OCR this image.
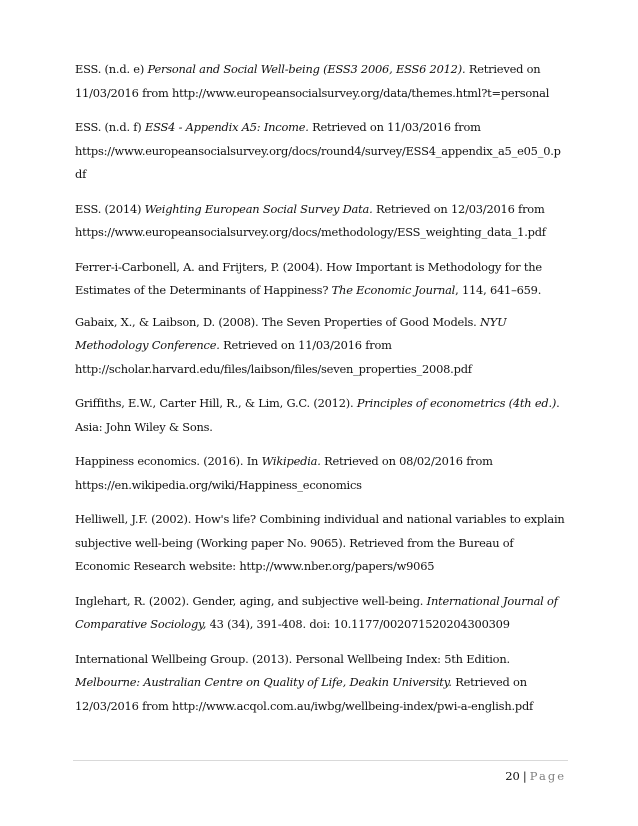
ESS. (n.d. e) Personal and Social Well-being (ESS3 2006, ESS6 2012). Retrieved on 11/03/2016 from http://www.europeansocialsurvey.org/data/themes.html?t=personal

ESS. (n.d. f) ESS4 - Appendix A5: Income. Retrieved on 11/03/2016 from https://www.europeansocialsurvey.org/docs/round4/survey/ESS4_appendix_a5_e05_0.pdf

ESS. (2014) Weighting European Social Survey Data. Retrieved on 12/03/2016 from https://www.europeansocialsurvey.org/docs/methodology/ESS_weighting_data_1.pdf

Ferrer-i-Carbonell, A. and Frijters, P. (2004). How Important is Methodology for the Estimates of the Determinants of Happiness? The Economic Journal, 114, 641–659.

Gabaix, X., & Laibson, D. (2008). The Seven Properties of Good Models. NYU Methodology Conference. Retrieved on 11/03/2016 from http://scholar.harvard.edu/files/laibson/files/seven_properties_2008.pdf

Griffiths, E.W., Carter Hill, R., & Lim, G.C. (2012). Principles of econometrics (4th ed.). Asia: John Wiley & Sons.

Happiness economics. (2016). In Wikipedia. Retrieved on 08/02/2016 from https://en.wikipedia.org/wiki/Happiness_economics

Helliwell, J.F. (2002). How's life? Combining individual and national variables to explain subjective well-being (Working paper No. 9065). Retrieved from the Bureau of Economic Research website: http://www.nber.org/papers/w9065

Inglehart, R. (2002). Gender, aging, and subjective well-being. International Journal of Comparative Sociology, 43 (34), 391-408. doi: 10.1177/002071520204300309

International Wellbeing Group. (2013). Personal Wellbeing Index: 5th Edition. Melbourne: Australian Centre on Quality of Life, Deakin University. Retrieved on 12/03/2016 from http://www.acqol.com.au/iwbg/wellbeing-index/pwi-a-english.pdf

20 | Page
